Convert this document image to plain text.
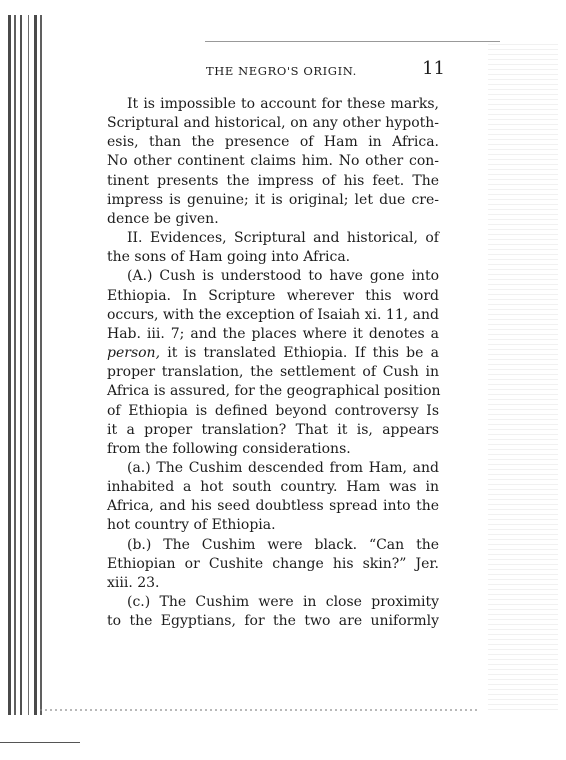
THE NEGRO'S ORIGIN.	11
It is impossible to account for these marks,
Scriptural and historical, on any other hypoth-
esis, than the presence of Ham in Africa.
No other continent claims him. No other con-
tinent presents the impress of his feet. The
impress is genuine; it is original; let due cre-
dence be given.
II. Evidences, Scriptural and historical, of
the sons of Ham going into Africa.
(A.) Cush is understood to have gone into
Ethiopia. In Scripture wherever this word
occurs, with the exception of Isaiah xi. 11, and
Hab. iii. 7; and the places where it denotes a
person, it is translated Ethiopia. If this be a
proper translation, the settlement of Cush in
Africa is assured, for the geographical position
of Ethiopia is defined beyond controversy Is
it a proper translation? That it is, appears
from the following considerations.
(a.) The Cushim descended from Ham, and
inhabited a hot south country. Ham was in
Africa, and his seed doubtless spread into the
hot country of Ethiopia.
(b.) The Cushim were black. “Can the
Ethiopian or Cushite change his skin?” Jer.
xiii. 23.
(c.) The Cushim were in close proximity
to the Egyptians, for the two are uniformly
